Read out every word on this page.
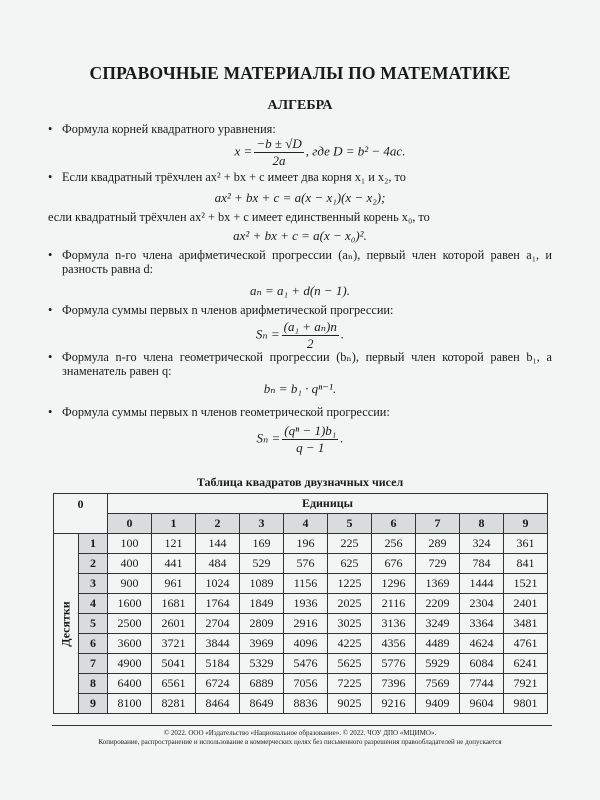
СПРАВОЧНЫЕ МАТЕРИАЛЫ ПО МАТЕМАТИКЕ
АЛГЕБРА
• Формула корней квадратного уравнения:
$x = \frac{-b \pm √D}{2a}$ , где D = b² − 4ac.
• Если квадратный трёхчлен ax² + bx + c имеет два корня x₁ и x₂, то
ax² + bx + c = a(x − x₁)(x − x₂);
если квадратный трёхчлен ax² + bx + c имеет единственный корень x₀, то
ax² + bx + c = a(x − x₀)².
• Формула n-го члена арифметической прогрессии (aₙ), первый член которой равен a₁, и разность равна d:
aₙ = a₁ + d(n − 1).
• Формула суммы первых n членов арифметической прогрессии:
$S_n = \frac{\text{(a₁ + aₙ)n}}{2}$ .
• Формула n-го члена геометрической прогрессии (bₙ), первый член которой равен b₁, а знаменатель равен q:
bₙ = b₁ · qⁿ⁻¹.
• Формула суммы первых n членов геометрической прогрессии:
$S_n = \frac{\text{(qⁿ − 1)b₁}}{q - 1}$ .
Таблица квадратов двузначных чисел
0		Единицы									
		0	1	2	3	4	5	6	7	8	9

Десятки	1	100	121	144	169	196	225	256	289	324	361
	2	400	441	484	529	576	625	676	729	784	841
	3	900	961	1024	1089	1156	1225	1296	1369	1444	1521
	4	1600	1681	1764	1849	1936	2025	2116	2209	2304	2401
	5	2500	2601	2704	2809	2916	3025	3136	3249	3364	3481
	6	3600	3721	3844	3969	4096	4225	4356	4489	4624	4761
	7	4900	5041	5184	5329	5476	5625	5776	5929	6084	6241
	8	6400	6561	6724	6889	7056	7225	7396	7569	7744	7921
	9	8100	8281	8464	8649	8836	9025	9216	9409	9604	9801
© 2022. ООО «Издательство «Национальное образование». © 2022. ЧОУ ДПО «МЦИМО».
Копирование, распространение и использование в коммерческих целях без письменного разрешения правообладателей не допускается
